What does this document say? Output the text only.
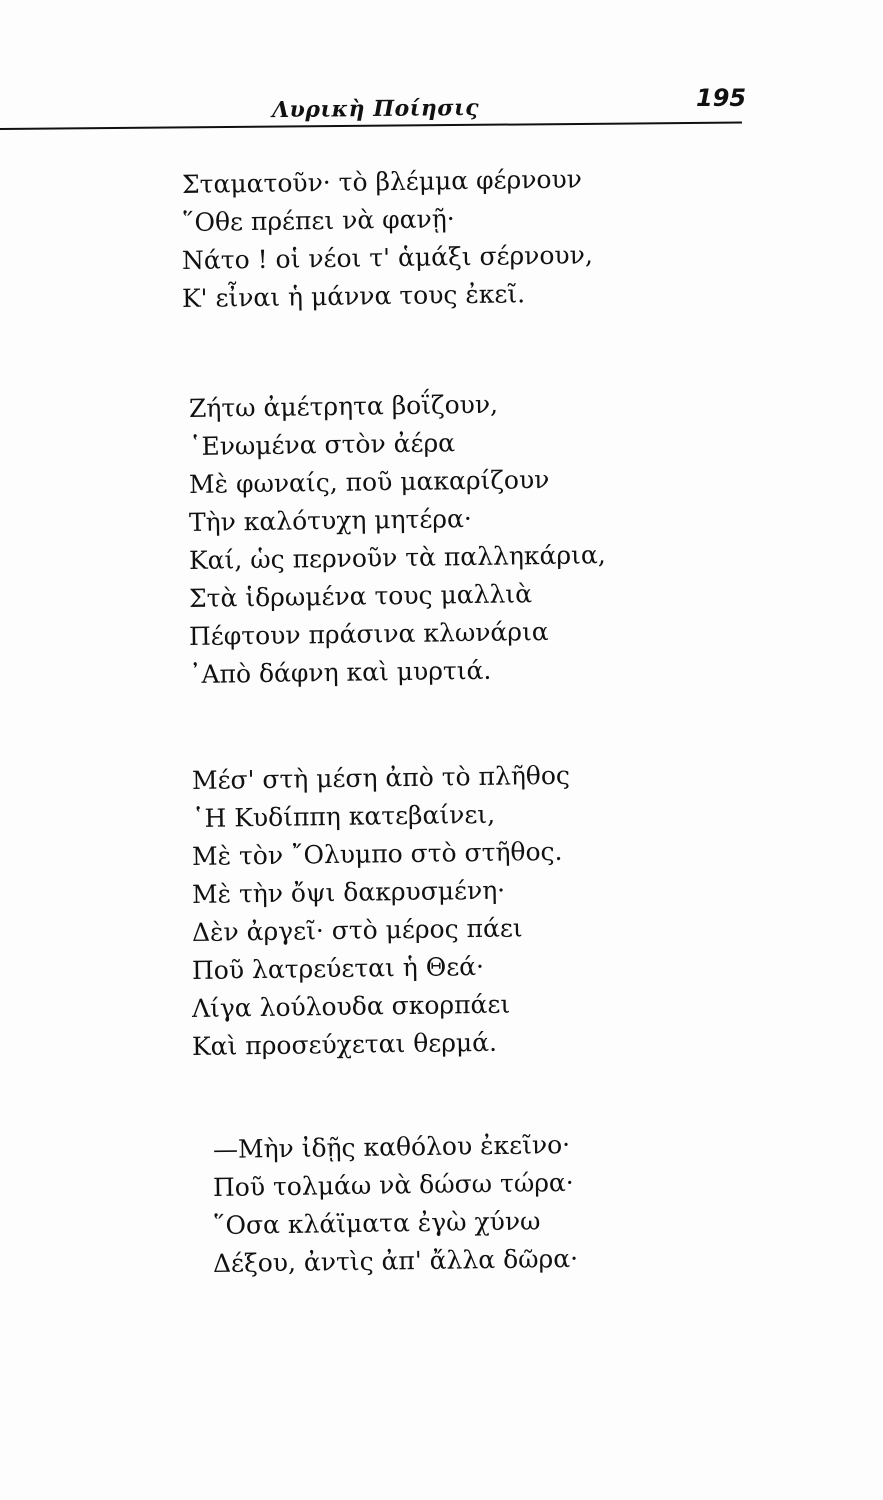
Λυρικὴ Ποίησις	195
Σταματοῦν· τὸ βλέμμα φέρνουν
῞Οθε πρέπει νὰ φανῇ·
Νάτο ! οἱ νέοι τ' ἁμάξι σέρνουν,
Κ' εἶναι ἡ μάννα τους ἐκεῖ.
Ζήτω ἀμέτρητα βοΐζουν,
῾Ενωμένα στὸν ἀέρα
Μὲ φωναίς, ποῦ μακαρίζουν
Τὴν καλότυχη μητέρα·
Καί, ὡς περνοῦν τὰ παλληκάρια,
Στὰ ἱδρωμένα τους μαλλιὰ
Πέφτουν πράσινα κλωνάρια
᾿Απὸ δάφνη καὶ μυρτιά.
Μέσ' στὴ μέση ἀπὸ τὸ πλῆθος
῾Η Κυδίππη κατεβαίνει,
Μὲ τὸν ῎Ολυμπο στὸ στῆθος.
Μὲ τὴν ὄψι δακρυσμένη·
Δὲν ἀργεῖ· στὸ μέρος πάει
Ποῦ λατρεύεται ἡ Θεά·
Λίγα λούλουδα σκορπάει
Καὶ προσεύχεται θερμά.
—Μὴν ἰδῇς καθόλου ἐκεῖνο·
Ποῦ τολμάω νὰ δώσω τώρα·
῞Οσα κλάϊματα ἐγὼ χύνω
Δέξου, ἀντὶς ἀπ' ἄλλα δῶρα·
